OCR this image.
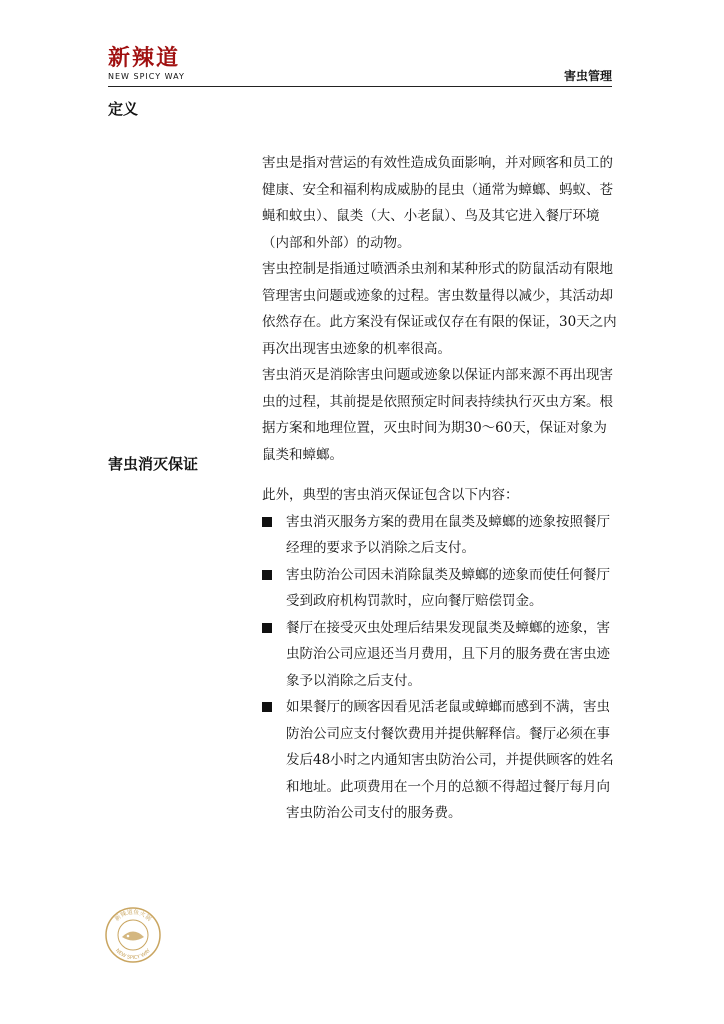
新辣道
NEW SPICY WAY	害虫管理
定义

害虫是指对营运的有效性造成负面影响，并对顾客和员工的健康、安全和福利构成威胁的昆虫（通常为蟑螂、蚂蚁、苍蝇和蚊虫）、鼠类（大、小老鼠）、鸟及其它进入餐厅环境（内部和外部）的动物。

害虫控制是指通过喷洒杀虫剂和某种形式的防鼠活动有限地管理害虫问题或迹象的过程。害虫数量得以减少，其活动却依然存在。此方案没有保证或仅存在有限的保证，30天之内再次出现害虫迹象的机率很高。

害虫消灭是消除害虫问题或迹象以保证内部来源不再出现害虫的过程，其前提是依照预定时间表持续执行灭虫方案。根据方案和地理位置，灭虫时间为期30～60天，保证对象为鼠类和蟑螂。

害虫消灭保证

此外，典型的害虫消灭保证包含以下内容：

害虫消灭服务方案的费用在鼠类及蟑螂的迹象按照餐厅经理的要求予以消除之后支付。
害虫防治公司因未消除鼠类及蟑螂的迹象而使任何餐厅受到政府机构罚款时，应向餐厅赔偿罚金。
餐厅在接受灭虫处理后结果发现鼠类及蟑螂的迹象，害虫防治公司应退还当月费用，且下月的服务费在害虫迹象予以消除之后支付。
如果餐厅的顾客因看见活老鼠或蟑螂而感到不满，害虫防治公司应支付餐饮费用并提供解释信。餐厅必须在事发后48小时之内通知害虫防治公司，并提供顾客的姓名和地址。此项费用在一个月的总额不得超过餐厅每月向害虫防治公司支付的服务费。
新辣道鱼火锅
NEW SPICY WAY
